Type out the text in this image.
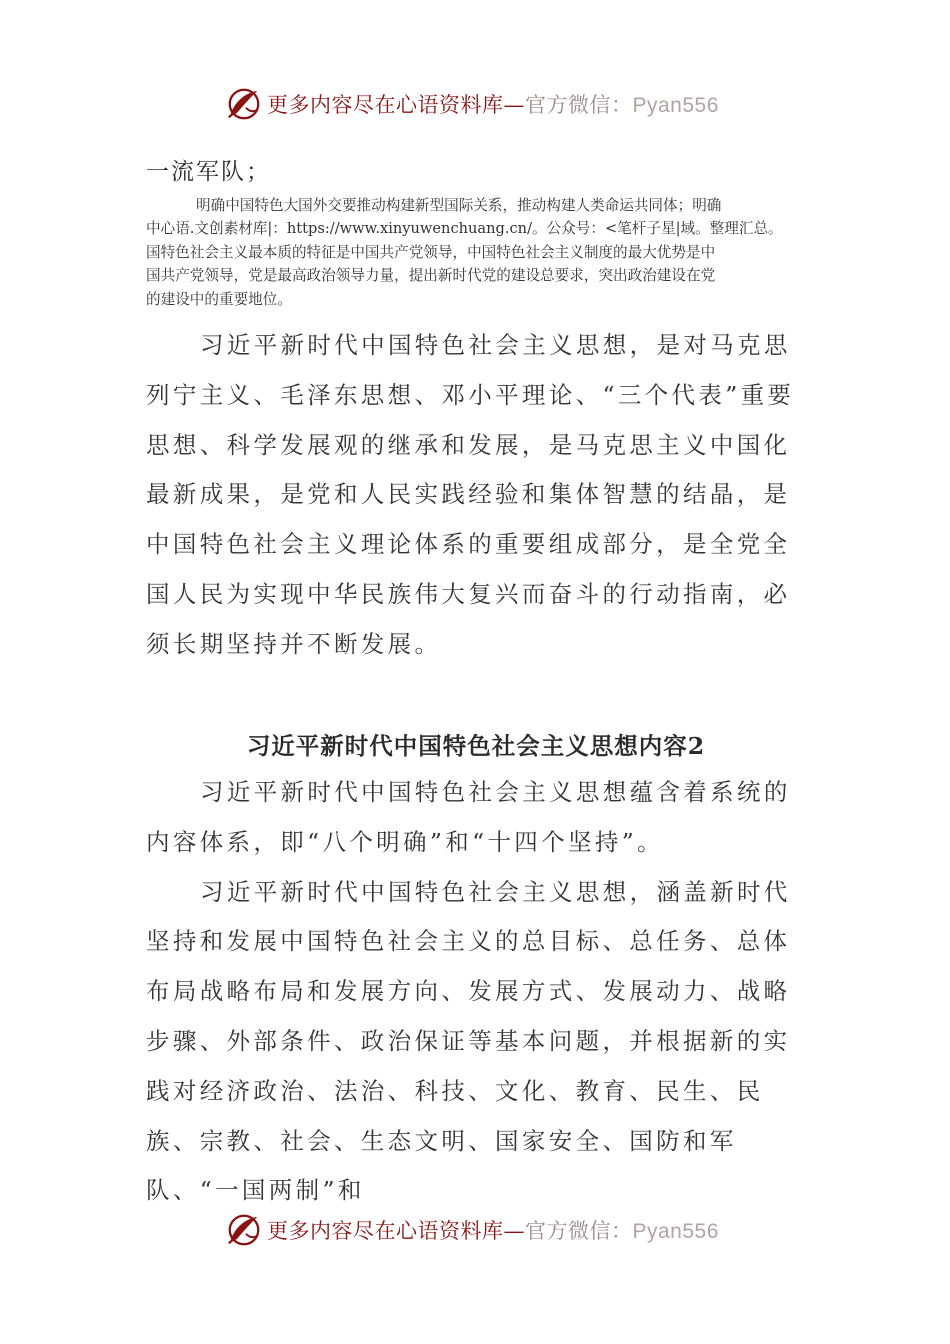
更多内容尽在心语资料库—官方微信：Pyan556
一流军队；

明确中国特色大国外交要推动构建新型国际关系，推动构建人类命运共同体；明确

中心语.文创素材库|：https://www.xinyuwenchuang.cn/。公众号：<笔杆子星|域。整理汇总。

国特色社会主义最本质的特征是中国共产党领导，中国特色社会主义制度的最大优势是中

国共产党领导，党是最高政治领导力量，提出新时代党的建设总要求，突出政治建设在党

的建设中的重要地位。

习近平新时代中国特色社会主义思想，是对马克思列宁主义、毛泽东思想、邓小平理论、“三个代表”重要思想、科学发展观的继承和发展，是马克思主义中国化最新成果，是党和人民实践经验和集体智慧的结晶，是中国特色社会主义理论体系的重要组成部分，是全党全国人民为实现中华民族伟大复兴而奋斗的行动指南，必须长期坚持并不断发展。

习近平新时代中国特色社会主义思想内容2

习近平新时代中国特色社会主义思想蕴含着系统的内容体系，即“八个明确”和“十四个坚持”。

习近平新时代中国特色社会主义思想，涵盖新时代坚持和发展中国特色社会主义的总目标、总任务、总体布局战略布局和发展方向、发展方式、发展动力、战略步骤、外部条件、政治保证等基本问题，并根据新的实践对经济政治、法治、科技、文化、教育、民生、民族、宗教、社会、生态文明、国家安全、国防和军队、“一国两制”和

更多内容尽在心语资料库—官方微信：Pyan556
